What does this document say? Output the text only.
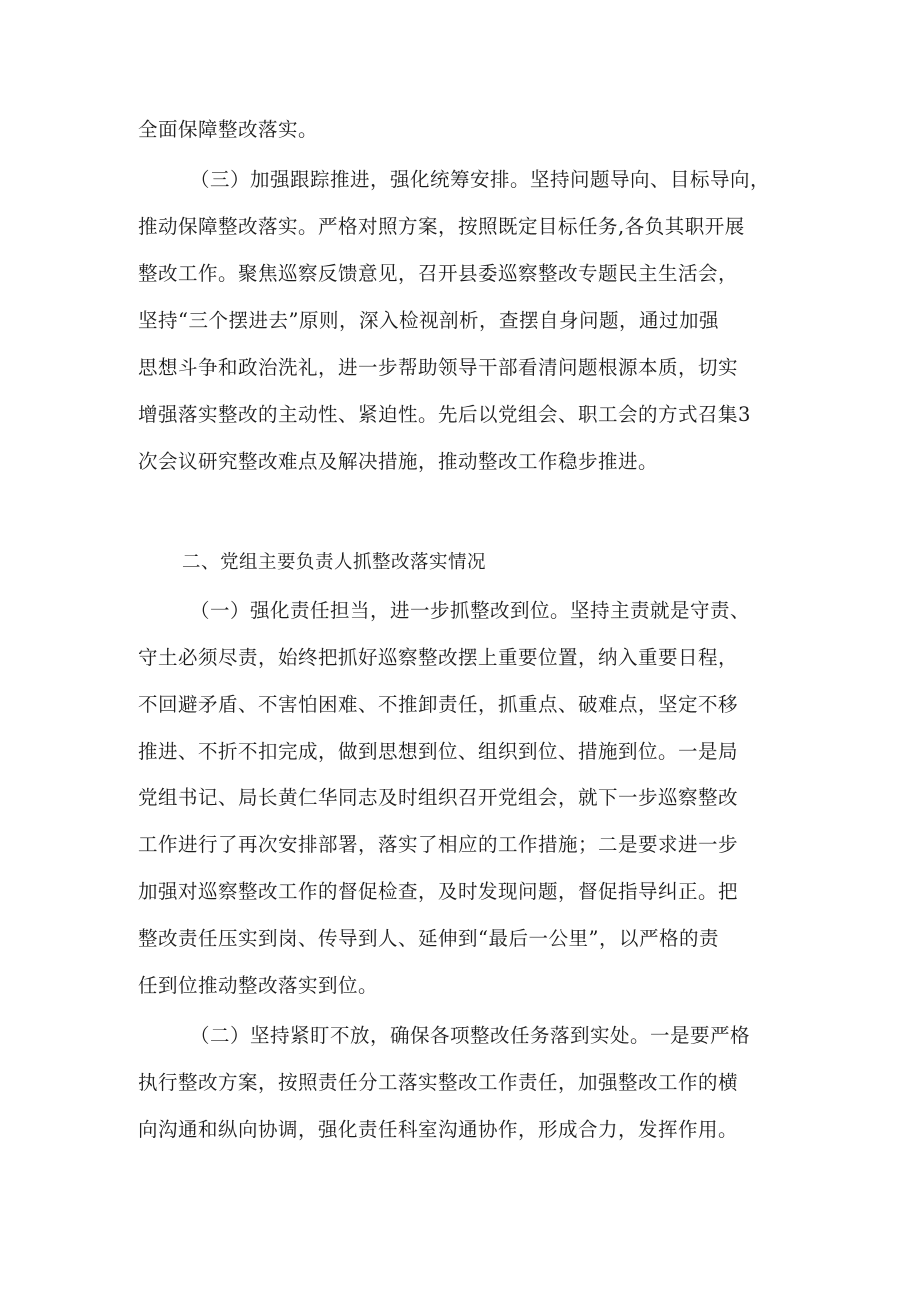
全面保障整改落实。

（三）加强跟踪推进，强化统筹安排。坚持问题导向、目标导向，

推动保障整改落实。严格对照方案，按照既定目标任务,各负其职开展

整改工作。聚焦巡察反馈意见，召开县委巡察整改专题民主生活会，

坚持“三个摆进去”原则，深入检视剖析，查摆自身问题，通过加强

思想斗争和政治洗礼，进一步帮助领导干部看清问题根源本质，切实

增强落实整改的主动性、紧迫性。先后以党组会、职工会的方式召集3

次会议研究整改难点及解决措施，推动整改工作稳步推进。

二、党组主要负责人抓整改落实情况

（一）强化责任担当，进一步抓整改到位。坚持主责就是守责、

守土必须尽责，始终把抓好巡察整改摆上重要位置，纳入重要日程，

不回避矛盾、不害怕困难、不推卸责任，抓重点、破难点，坚定不移

推进、不折不扣完成，做到思想到位、组织到位、措施到位。一是局

党组书记、局长黄仁华同志及时组织召开党组会，就下一步巡察整改

工作进行了再次安排部署，落实了相应的工作措施；二是要求进一步

加强对巡察整改工作的督促检查，及时发现问题，督促指导纠正。把

整改责任压实到岗、传导到人、延伸到“最后一公里”，以严格的责

任到位推动整改落实到位。

（二）坚持紧盯不放，确保各项整改任务落到实处。一是要严格

执行整改方案，按照责任分工落实整改工作责任，加强整改工作的横

向沟通和纵向协调，强化责任科室沟通协作，形成合力，发挥作用。
